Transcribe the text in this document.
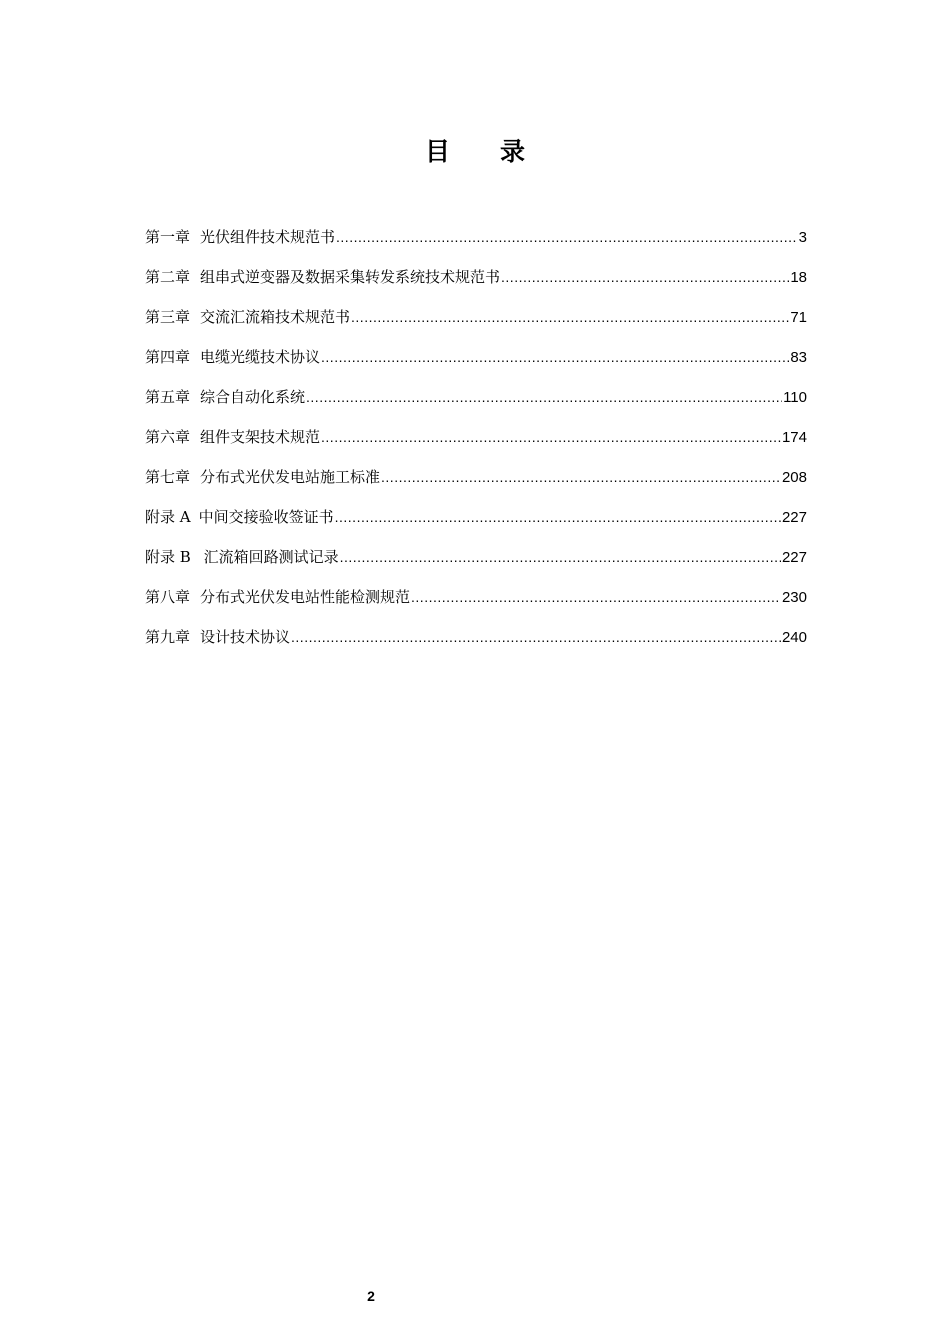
目 录
第一章 光伏组件技术规范书 .....	3
第二章 组串式逆变器及数据采集转发系统技术规范书 .....	18
第三章 交流汇流箱技术规范书 .....	71
第四章 电缆光缆技术协议 .....	83
第五章 综合自动化系统 .....	110
第六章 组件支架技术规范 .....	174
第七章 分布式光伏发电站施工标准 .....	208
附录 A 中间交接验收签证书 .....	227
附录 B 汇流箱回路测试记录 .....	227
第八章 分布式光伏发电站性能检测规范 .....	230
第九章 设计技术协议 .....	240
2
